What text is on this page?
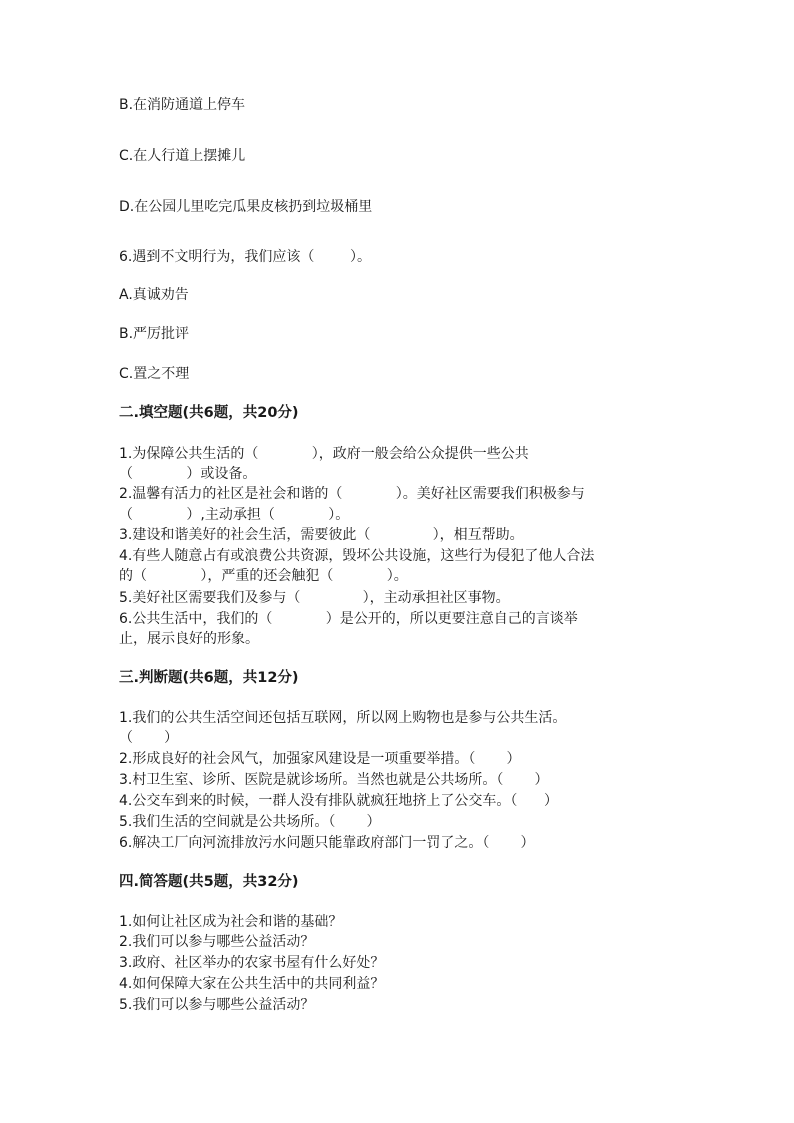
B.在消防通道上停车
C.在人行道上摆摊儿
D.在公园儿里吃完瓜果皮核扔到垃圾桶里
6.遇到不文明行为，我们应该（        ）。
A.真诚劝告
B.严厉批评
C.置之不理
二.填空题(共6题，共20分)
1.为保障公共生活的（            ），政府一般会给公众提供一些公共
（            ）或设备。
2.温馨有活力的社区是社会和谐的（            ）。美好社区需要我们积极参与
（            ）,主动承担（            ）。
3.建设和谐美好的社会生活，需要彼此（              ），相互帮助。
4.有些人随意占有或浪费公共资源，毁坏公共设施，这些行为侵犯了他人合法
的（            ），严重的还会触犯（            ）。
5.美好社区需要我们及参与（              ），主动承担社区事物。
6.公共生活中，我们的（            ）是公开的，所以更要注意自己的言谈举
止，展示良好的形象。
三.判断题(共6题，共12分)
1.我们的公共生活空间还包括互联网，所以网上购物也是参与公共生活。
（       ）
2.形成良好的社会风气，加强家风建设是一项重要举措。（       ）
3.村卫生室、诊所、医院是就诊场所。当然也就是公共场所。（       ）
4.公交车到来的时候，一群人没有排队就疯狂地挤上了公交车。（      ）
5.我们生活的空间就是公共场所。（       ）
6.解决工厂向河流排放污水问题只能靠政府部门一罚了之。（       ）
四.简答题(共5题，共32分)
1.如何让社区成为社会和谐的基础？
2.我们可以参与哪些公益活动？
3.政府、社区举办的农家书屋有什么好处？
4.如何保障大家在公共生活中的共同利益？
5.我们可以参与哪些公益活动？
